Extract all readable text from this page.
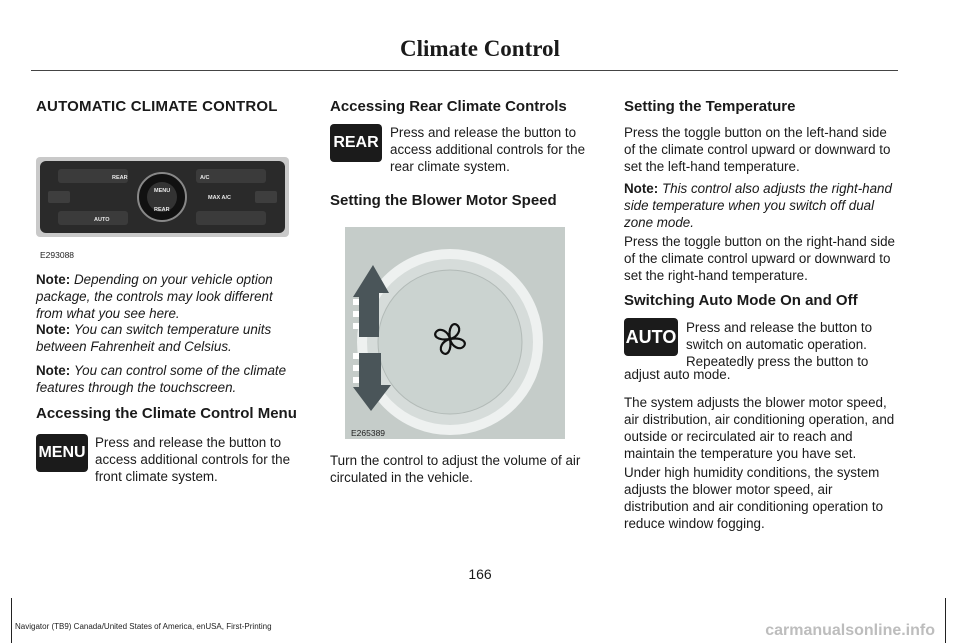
Climate Control
AUTOMATIC CLIMATE CONTROL
REAR	A/C
AUTO
MENU
REAR
MAX A/C
E293088

Note: Depending on your vehicle option package, the controls may look different from what you see here.

Note: You can switch temperature units between Fahrenheit and Celsius.

Note: You can control some of the climate features through the touchscreen.

Accessing the Climate Control Menu
MENU

Press and release the button to access additional controls for the front climate system.

Accessing Rear Climate Controls
REAR

Press and release the button to access additional controls for the rear climate system.

Setting the Blower Motor Speed
E265389

Turn the control to adjust the volume of air circulated in the vehicle.

Setting the Temperature

Press the toggle button on the left-hand side of the climate control upward or downward to set the left-hand temperature.

Note: This control also adjusts the right-hand side temperature when you switch off dual zone mode.

Press the toggle button on the right-hand side of the climate control upward or downward to set the right-hand temperature.

Switching Auto Mode On and Off
AUTO Press and release the button to

switch on automatic operation.

Repeatedly press the button to

adjust auto mode.

The system adjusts the blower motor speed, air distribution, air conditioning operation, and outside or recirculated air to reach and maintain the temperature you have set.

Under high humidity conditions, the system adjusts the blower motor speed, air distribution and air conditioning operation to reduce window fogging.

166
Navigator (TB9) Canada/United States of America, enUSA, First-Printing	carmanualsonline.info
